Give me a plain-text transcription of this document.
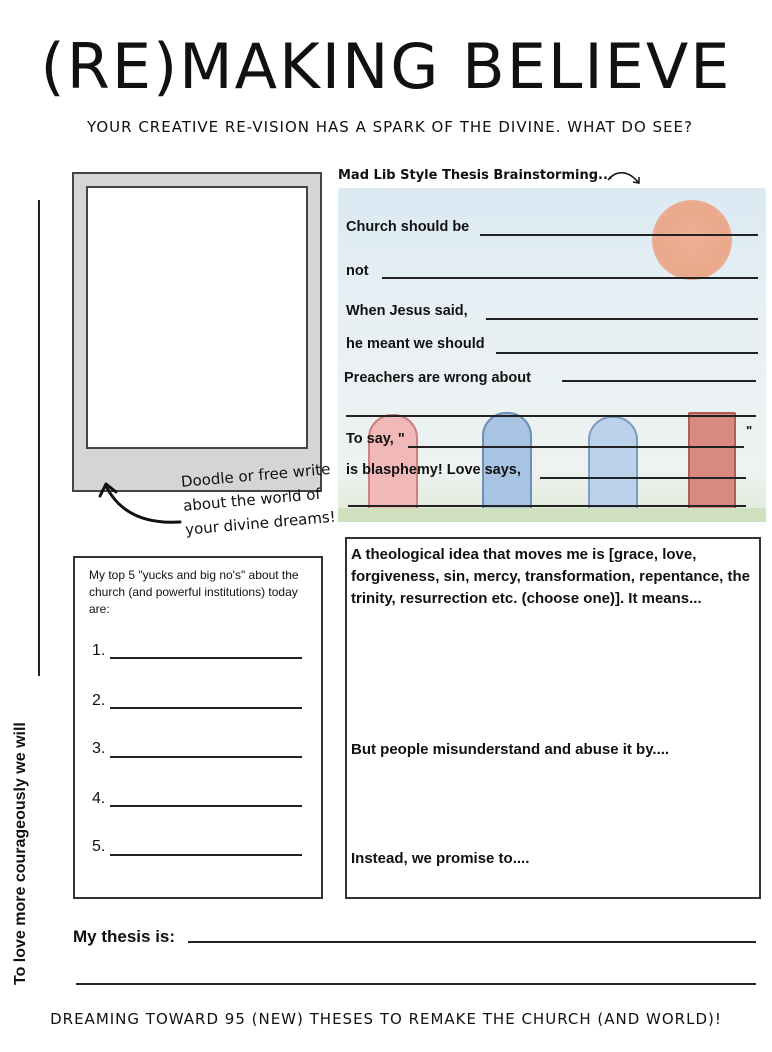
(RE)MAKING BELIEVE
YOUR CREATIVE RE-VISION HAS A SPARK OF THE DIVINE. WHAT DO SEE?
To love more courageously we will
Doodle or free write
about the world of
your divine dreams!
Mad Lib Style Thesis Brainstorming...
Church should be
not
When Jesus said,
he meant we should
Preachers are wrong about
To say, "
"
is blasphemy! Love says,
My top 5 "yucks and big no's" about the church (and powerful institutions) today are:
1.
2.
3.
4.
5.
A theological idea that moves me is [grace, love, forgiveness, sin, mercy, transformation, repentance, the trinity, resurrection etc. (choose one)]. It means...
But people misunderstand and abuse it by....
Instead, we promise to....
My thesis is:
DREAMING TOWARD 95 (NEW) THESES TO REMAKE THE CHURCH (AND WORLD)!
